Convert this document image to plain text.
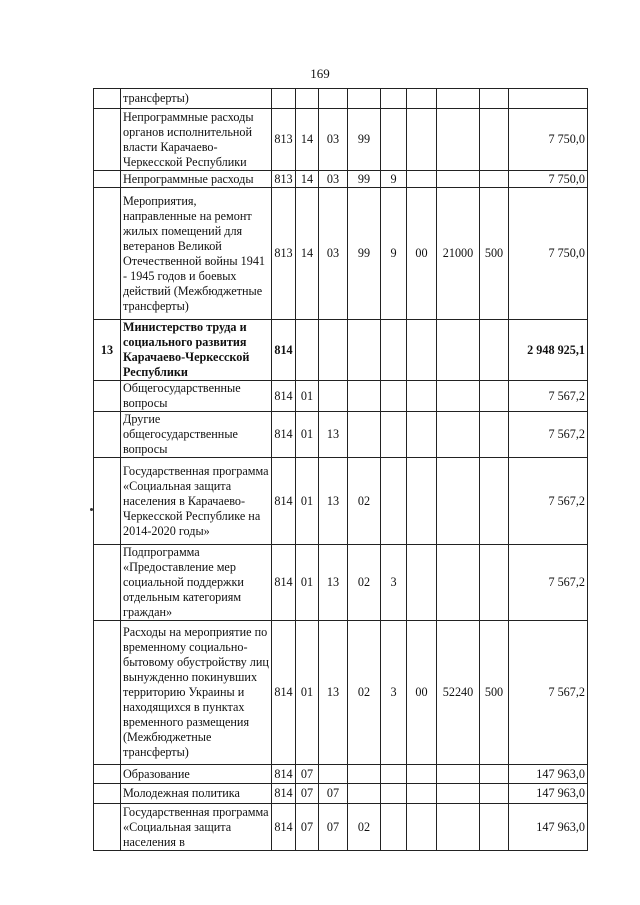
169
	трансферты)									
	Непрограммные расходы органов исполнительной власти Карачаево-Черкесской Республики	813	14	03	99					7 750,0
	Непрограммные расходы	813	14	03	99	9				7 750,0
	Мероприятия, направленные на ремонт жилых помещений для ветеранов Великой Отечественной войны 1941 - 1945 годов и боевых действий (Межбюджетные трансферты)	813	14	03	99	9	00	21000	500	7 750,0
13	Министерство труда и социального развития Карачаево-Черкесской Республики	814								2 948 925,1
	Общегосударственные вопросы	814	01							7 567,2
	Другие общегосударственные вопросы	814	01	13						7 567,2
	Государственная программа «Социальная защита населения в Карачаево-Черкесской Республике на 2014-2020 годы»	814	01	13	02					7 567,2
	Подпрограмма «Предоставление мер социальной поддержки отдельным категориям граждан»	814	01	13	02	3				7 567,2
	Расходы на мероприятие по временному социально-бытовому обустройству лиц вынужденно покинувших территорию Украины и находящихся в пунктах временного размещения (Межбюджетные трансферты)	814	01	13	02	3	00	52240	500	7 567,2
	Образование	814	07							147 963,0
	Молодежная политика	814	07	07						147 963,0
	Государственная программа «Социальная защита населения в	814	07	07	02					147 963,0
